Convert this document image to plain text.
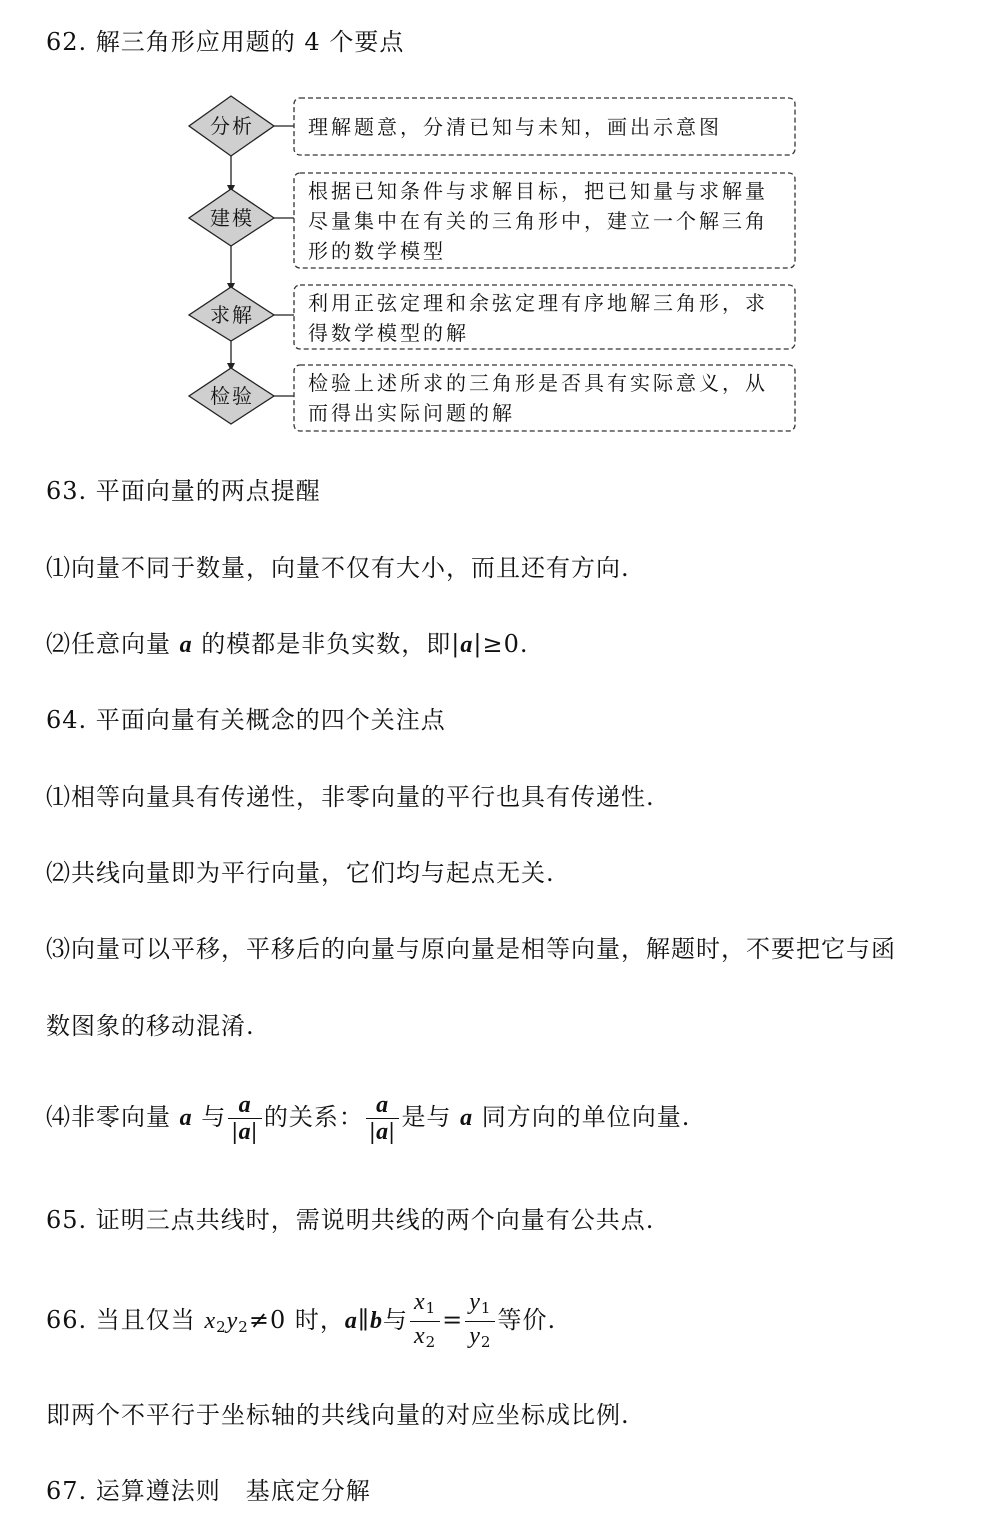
62. 解三角形应用题的 4 个要点
分析
建模
求解
检验
理解题意，分清已知与未知，画出示意图
根据已知条件与求解目标，把已知量与求解量尽量集中在有关的三角形中，建立一个解三角形的数学模型
利用正弦定理和余弦定理有序地解三角形，求得数学模型的解
检验上述所求的三角形是否具有实际意义，从而得出实际问题的解
63. 平面向量的两点提醒
⑴向量不同于数量，向量不仅有大小，而且还有方向.
⑵任意向量 a 的模都是非负实数，即|a|≥0.
64. 平面向量有关概念的四个关注点
⑴相等向量具有传递性，非零向量的平行也具有传递性.
⑵共线向量即为平行向量，它们均与起点无关.
⑶向量可以平移，平移后的向量与原向量是相等向量，解题时，不要把它与函
数图象的移动混淆.
⑷非零向量 a 与 $\frac{a}{|a|}$ 的关系： $\frac{a}{|a|}$ 是与 a 同方向的单位向量.
65. 证明三点共线时，需说明共线的两个向量有公共点.
66. 当且仅当 $x_2y_2\ne 0$ 时，a∥b与 $\frac{x_1}{x_2} = \frac{y_1}{y_2}$ 等价.
即两个不平行于坐标轴的共线向量的对应坐标成比例.
67. 运算遵法则　基底定分解
